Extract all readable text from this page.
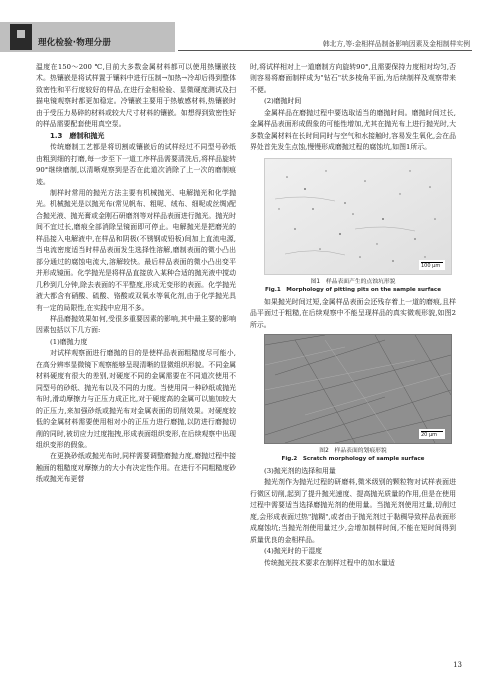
理化检验·物理分册	韩北方,等:金相样品制备影响因素及金相制样实例

温度在150～200 ℃,目前大多数金属材料都可以使用热镶嵌技术。热镶嵌是将试样置于镶料中进行压制→加热→冷却后得到整体致密性和平行度较好的样品,在进行金相检验、显微硬度测试及扫描电镜观察时都更加稳定。冷镶嵌主要用于热敏感材料,热镶嵌时由于受压力易碎的材料或较大尺寸材料的镶嵌。如想得到致密性好的样品需要配套使用真空泵。

1.3　磨制和抛光

传统磨制工艺都是将切割或镶嵌后的试样经过不同型号砂纸由粗到细的打磨,每一步至下一道工序样品需要清洗后,将样品旋转90°继续磨制,以清晰观察到是否在此道次消除了上一次的磨制痕迹。

制样时常用的抛光方法主要有机械抛光、电解抛光和化学抛光。机械抛光是以抛光布(常见帆布、粗呢、绒布、细呢或丝绸)配合抛光液、抛光膏或金刚石研磨剂等对样品表面进行抛光。抛光时间不宜过长,磨痕全部消除呈镜面即可停止。电解抛光是把磨光的样品接入电解液中,在样品和阴极(不锈钢或铅板)间加上直流电源,当电流密度适当时样品表面发生选择性溶解,磨制表面的微小凸出部分通过的腐蚀电流大,溶解较快。最后样品表面的微小凸出变平并形成镜面。化学抛光是将样品直接放入某种合适的抛光液中搅动几秒到几分钟,除去表面的不平整度,形成无变形的表面。化学抛光液大都含有硝酸、硫酸、铬酸或双氧水等氧化剂,由于化学抛光具有一定的局限性,在实践中应用不多。

样品磨抛效果如何,受很多重要因素的影响,其中最主要的影响因素包括以下几方面:

(1)磨抛力度

对试样观察面进行磨抛的目的是使样品表面粗糙度尽可能小,在高分辨率显微镜下观察能够呈现清晰的显微组织形貌。不同金属材料硬度有很大的差别,对硬度不同的金属需要在不同道次使用不同型号的砂纸、抛光布以及不同的力度。当使用同一种砂纸或抛光布时,滑动摩擦力与正压力成正比,对于硬度高的金属可以施加较大的正压力,来加强砂纸或抛光布对金属表面的切削效果。对硬度较低的金属材料需要使用相对小的正压力进行磨抛,以防进行磨抛切削的同时,被切应力过度拖拽,形成表面组织变形,在后续观察中出现组织变形的假象。

在更换砂纸或抛光布时,同样需要调整磨抛力度,磨抛过程中接触面的粗糙度对摩擦力的大小有决定性作用。在进行不同粗糙度砂纸或抛光布更替

时,将试样相对上一道磨制方向旋转90°,且需要保持力度相对均匀,否则容易将磨面制样成为"钻石"状多棱角平面,为后续制样及观察带来不便。

(2)磨抛时间

金属样品在磨抛过程中要选取适当的磨抛时间。磨抛时间过长,金属样品表面形成假象的可能性增加,尤其在抛光布上进行抛光时,大多数金属材料在长时间同时与空气和水接触时,容易发生氧化,会在品界处首先发生点蚀,慢慢形成磨抛过程的腐蚀坑,如图1所示。

100 μm
图1　样品表面产生的点蚀坑形貌
Fig.1　Morphology of pitting pits on the sample surface

如果抛光时间过短,金属样品表面会还残存着上一道的磨痕,且样品平面过于粗糙,在后续观察中不能呈现样品的真实微观形貌,如图2所示。

20 μm
图2　样品表面的划痕形貌
Fig.2　Scratch morphology of sample surface

(3)抛光剂的选择和用量

抛光剂作为抛光过程的研磨料,微米级别的颗粒物对试样表面进行微区切削,起到了提升抛光速度、提高抛光质量的作用,但是在使用过程中需要适当选择磨抛光剂的使用量。当抛光剂使用过量,切削过度,会形成表面过热"抛糊",或者由于抛光剂过于黏稠导致样品表面形成腐蚀坑;当抛光剂使用量过少,会增加制样时间,不能在短时间得到质量优良的金相样品。

(4)抛光时的干湿度

传统抛光技术要求在制样过程中的加水量适

13
